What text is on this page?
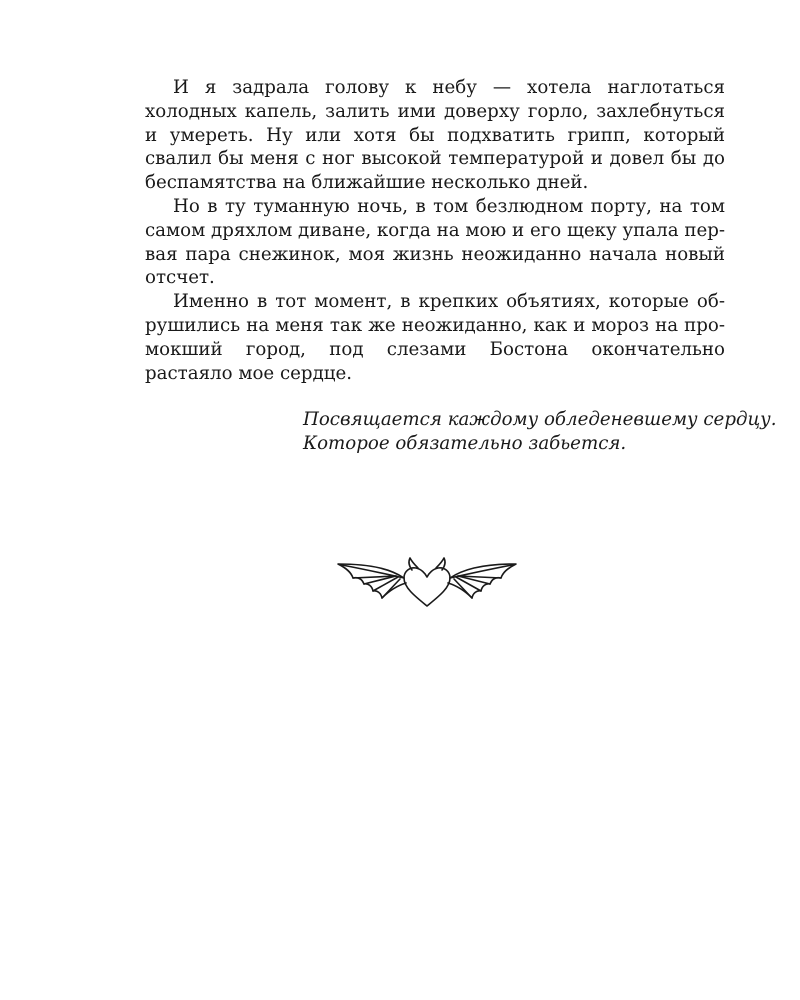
И я задрала голову к небу — хотела наглотаться холодных капель, залить ими доверху горло, захлебнуться и умереть. Ну или хотя бы подхватить грипп, который свалил бы меня с ног высокой температурой и довел бы до беспамятства на ближайшие несколько дней.

Но в ту туманную ночь, в том безлюдном порту, на том самом дряхлом диване, когда на мою и его щеку упала первая пара снежинок, моя жизнь неожиданно начала новый отсчет.

Именно в тот момент, в крепких объятиях, которые обрушились на меня так же неожиданно, как и мороз на промокший город, под слезами Бостона окончательно растаяло мое сердце.

Посвящается каждому обледеневшему сердцу.
Которое обязательно забьется.
